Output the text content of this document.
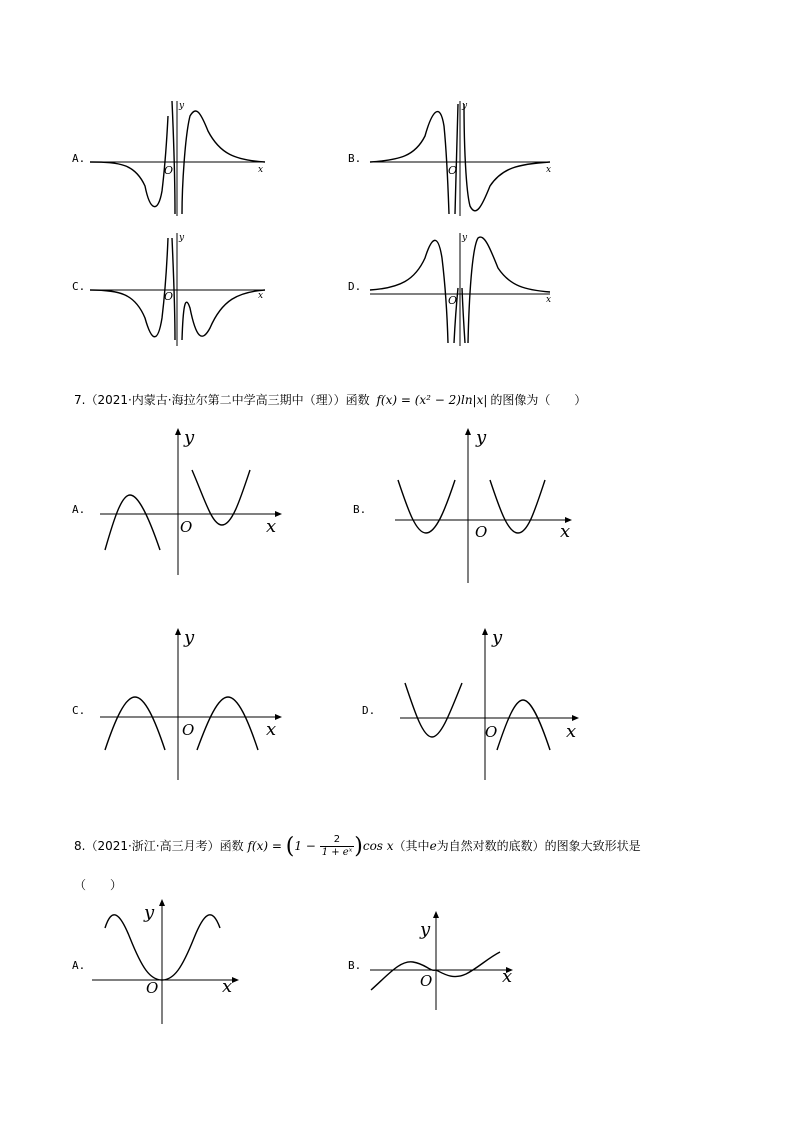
A.
y
x
O
B.
y
x
O
C.
y
x
O
D.
y
x
O
7.（2021·内蒙古·海拉尔第二中学高三期中（理））函数 f(x) = (x² − 2)ln|x| 的图像为（　　）
A.
y
x
O
B.
y
x
O
C.
y
x
O
D.
y
x
O
8.（2021·浙江·高三月考）函数 $f(x) = (1 - \frac{2}{\text{1 + eˣ}} )\cos$ x（其中e为自然对数的底数）的图象大致形状是
（　　）
A.
y
x
O
B.
y
x
O
